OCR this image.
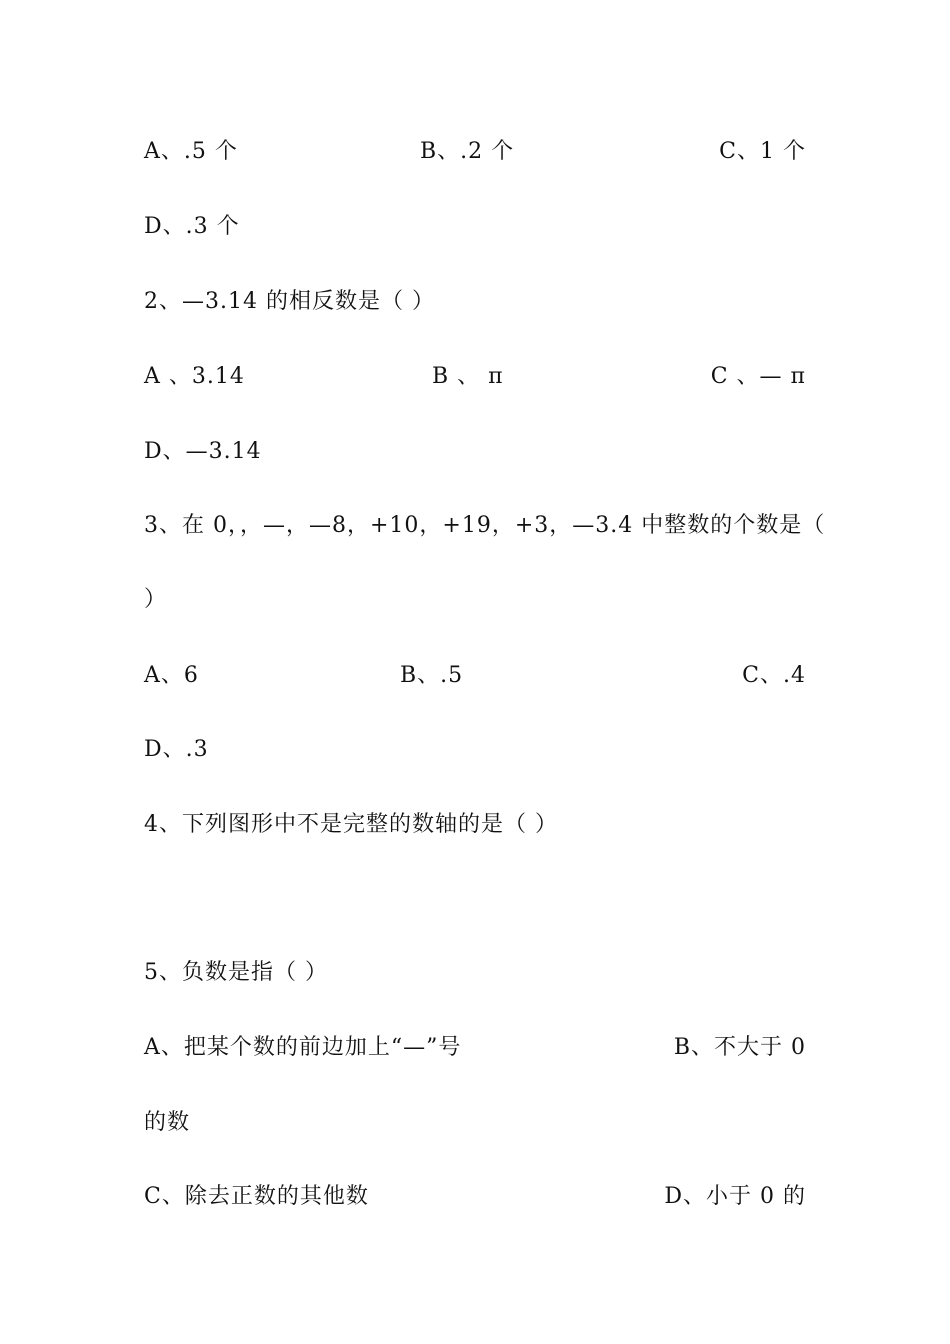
A、.5 个	B、.2 个	C、1 个
D、.3 个
2、—3.14 的相反数是（ ）
A 、3.14	B 、 π	C 、— π
D、—3.14
3、在 0，，—，—8，+10，+19，+3，—3.4 中整数的个数是（
）
A、6	B、.5	C、.4
D、.3
4、下列图形中不是完整的数轴的是（ ）
5、负数是指（ ）
A、把某个数的前边加上“—”号	B、不大于 0
的数
C、除去正数的其他数	D、小于 0 的
